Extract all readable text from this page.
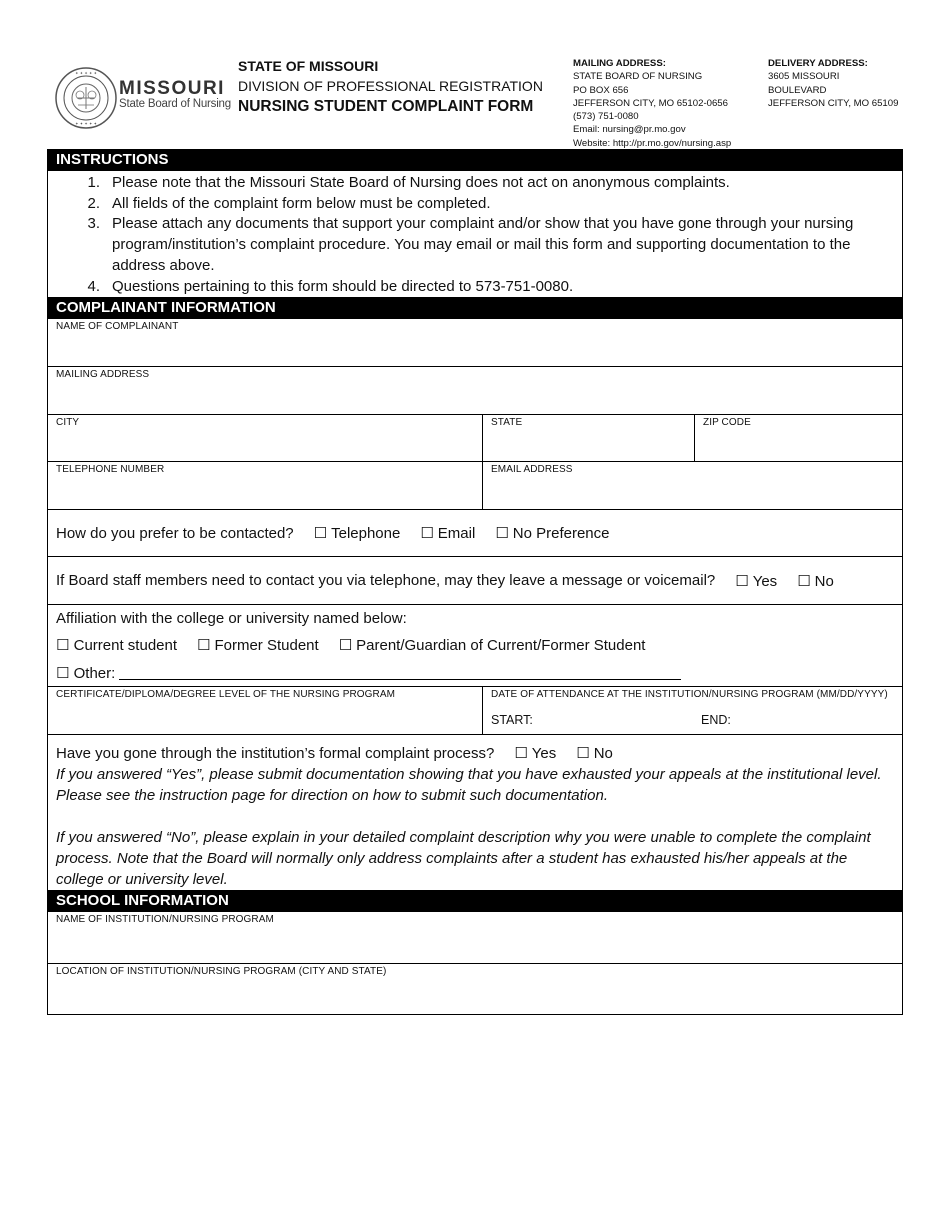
✦ ✦ ✦ ✦ ✦
✦ ✦ ✦ ✦ ✦
MISSOURI
State Board of Nursing
STATE OF MISSOURI
DIVISION OF PROFESSIONAL REGISTRATION
NURSING STUDENT COMPLAINT FORM
MAILING ADDRESS:
STATE BOARD OF NURSING
PO BOX 656
JEFFERSON CITY, MO 65102-0656
(573) 751-0080
Email: nursing@pr.mo.gov
Website: http://pr.mo.gov/nursing.asp
DELIVERY ADDRESS:
3605 MISSOURI
BOULEVARD
JEFFERSON CITY, MO 65109
INSTRUCTIONS
1. Please note that the Missouri State Board of Nursing does not act on anonymous complaints.
2. All fields of the complaint form below must be completed.
3. Please attach any documents that support your complaint and/or show that you have gone through your nursing program/institution’s complaint procedure. You may email or mail this form and supporting documentation to the address above.
4. Questions pertaining to this form should be directed to 573-751-0080.
COMPLAINANT INFORMATION
NAME OF COMPLAINANT
MAILING ADDRESS
CITY	STATE	ZIP CODE
TELEPHONE NUMBER	EMAIL ADDRESS
How do you prefer to be contacted? ☐ Telephone ☐ Email ☐ No Preference
If Board staff members need to contact you via telephone, may they leave a message or voicemail? ☐ Yes ☐ No
Affiliation with the college or university named below:
☐ Current student ☐ Former Student ☐ Parent/Guardian of Current/Former Student
☐ Other:
CERTIFICATE/DIPLOMA/DEGREE LEVEL OF THE NURSING PROGRAM	DATE OF ATTENDANCE AT THE INSTITUTION/NURSING PROGRAM (MM/DD/YYYY)
START:	END:
Have you gone through the institution’s formal complaint process? ☐ Yes ☐ No
If you answered “Yes”, please submit documentation showing that you have exhausted your appeals at the institutional level. Please see the instruction page for direction on how to submit such documentation.
If you answered “No”, please explain in your detailed complaint description why you were unable to complete the complaint process. Note that the Board will normally only address complaints after a student has exhausted his/her appeals at the college or university level.
SCHOOL INFORMATION
NAME OF INSTITUTION/NURSING PROGRAM
LOCATION OF INSTITUTION/NURSING PROGRAM (CITY AND STATE)
